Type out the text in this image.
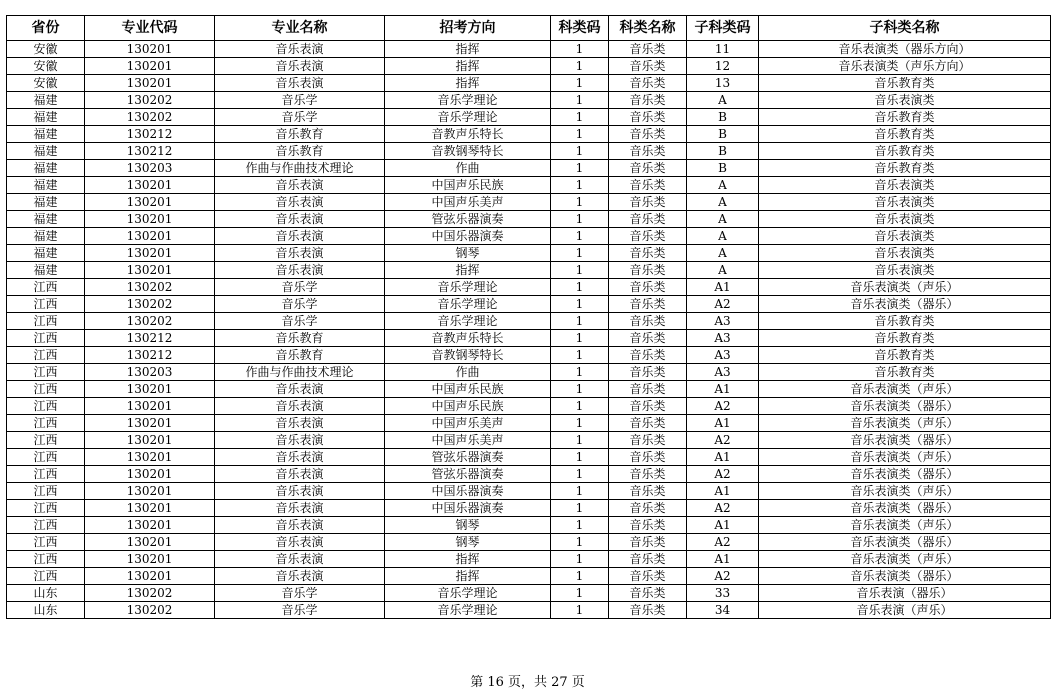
省份	专业代码	专业名称	招考方向	科类码	科类名称	子科类码	子科类名称
安徽	130201	音乐表演	指挥	1	音乐类	11	音乐表演类（器乐方向）
安徽	130201	音乐表演	指挥	1	音乐类	12	音乐表演类（声乐方向）
安徽	130201	音乐表演	指挥	1	音乐类	13	音乐教育类
福建	130202	音乐学	音乐学理论	1	音乐类	A	音乐表演类
福建	130202	音乐学	音乐学理论	1	音乐类	B	音乐教育类
福建	130212	音乐教育	音教声乐特长	1	音乐类	B	音乐教育类
福建	130212	音乐教育	音教钢琴特长	1	音乐类	B	音乐教育类
福建	130203	作曲与作曲技术理论	作曲	1	音乐类	B	音乐教育类
福建	130201	音乐表演	中国声乐民族	1	音乐类	A	音乐表演类
福建	130201	音乐表演	中国声乐美声	1	音乐类	A	音乐表演类
福建	130201	音乐表演	管弦乐器演奏	1	音乐类	A	音乐表演类
福建	130201	音乐表演	中国乐器演奏	1	音乐类	A	音乐表演类
福建	130201	音乐表演	钢琴	1	音乐类	A	音乐表演类
福建	130201	音乐表演	指挥	1	音乐类	A	音乐表演类
江西	130202	音乐学	音乐学理论	1	音乐类	A1	音乐表演类（声乐）
江西	130202	音乐学	音乐学理论	1	音乐类	A2	音乐表演类（器乐）
江西	130202	音乐学	音乐学理论	1	音乐类	A3	音乐教育类
江西	130212	音乐教育	音教声乐特长	1	音乐类	A3	音乐教育类
江西	130212	音乐教育	音教钢琴特长	1	音乐类	A3	音乐教育类
江西	130203	作曲与作曲技术理论	作曲	1	音乐类	A3	音乐教育类
江西	130201	音乐表演	中国声乐民族	1	音乐类	A1	音乐表演类（声乐）
江西	130201	音乐表演	中国声乐民族	1	音乐类	A2	音乐表演类（器乐）
江西	130201	音乐表演	中国声乐美声	1	音乐类	A1	音乐表演类（声乐）
江西	130201	音乐表演	中国声乐美声	1	音乐类	A2	音乐表演类（器乐）
江西	130201	音乐表演	管弦乐器演奏	1	音乐类	A1	音乐表演类（声乐）
江西	130201	音乐表演	管弦乐器演奏	1	音乐类	A2	音乐表演类（器乐）
江西	130201	音乐表演	中国乐器演奏	1	音乐类	A1	音乐表演类（声乐）
江西	130201	音乐表演	中国乐器演奏	1	音乐类	A2	音乐表演类（器乐）
江西	130201	音乐表演	钢琴	1	音乐类	A1	音乐表演类（声乐）
江西	130201	音乐表演	钢琴	1	音乐类	A2	音乐表演类（器乐）
江西	130201	音乐表演	指挥	1	音乐类	A1	音乐表演类（声乐）
江西	130201	音乐表演	指挥	1	音乐类	A2	音乐表演类（器乐）
山东	130202	音乐学	音乐学理论	1	音乐类	33	音乐表演（器乐）
山东	130202	音乐学	音乐学理论	1	音乐类	34	音乐表演（声乐）
第 16 页，共 27 页
